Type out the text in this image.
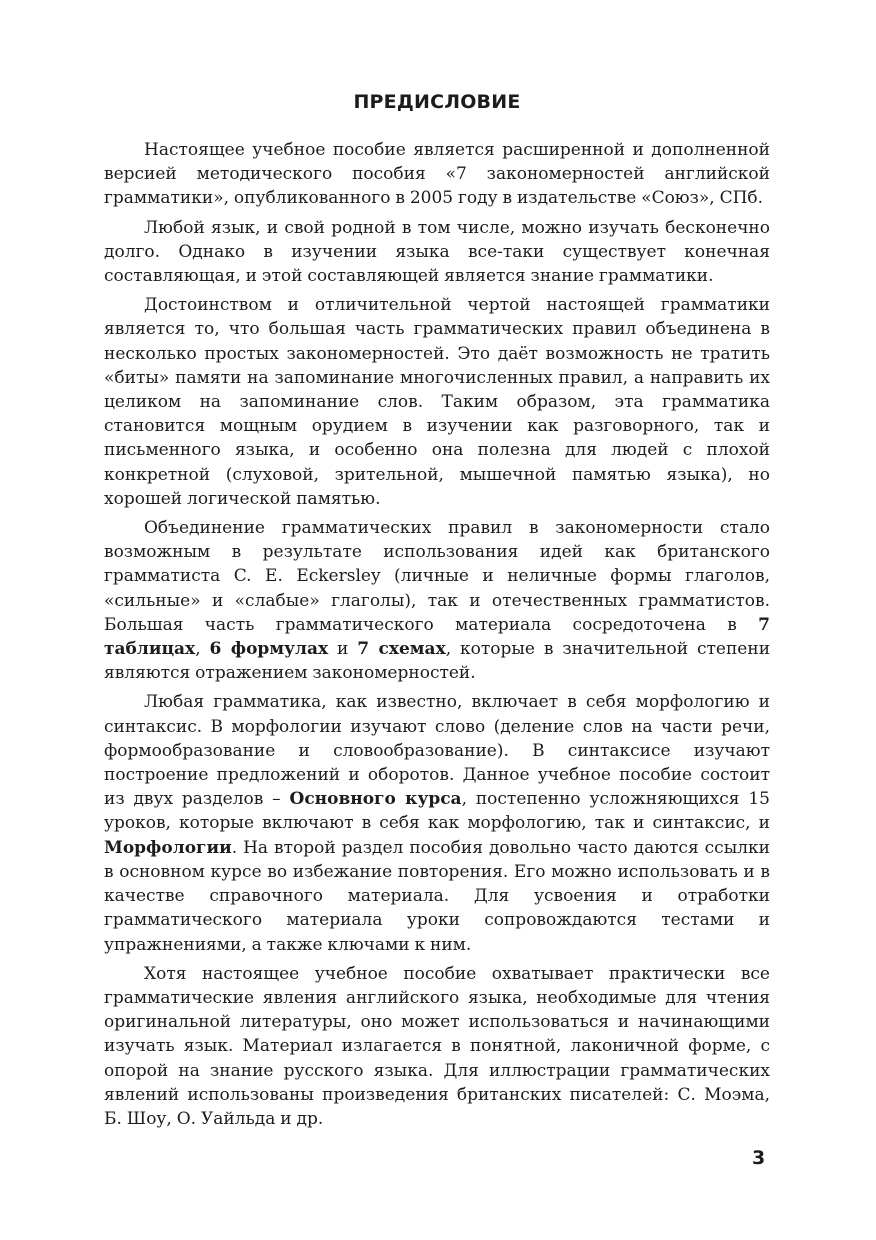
ПРЕДИСЛОВИЕ

Настоящее учебное пособие является расширенной и дополненной версией методического пособия «7 закономерностей английской грамматики», опубликованного в 2005 году в издательстве «Союз», СПб.

Любой язык, и свой родной в том числе, можно изучать бесконечно долго. Однако в изучении языка все-таки существует конечная составляющая, и этой составляющей является знание грамматики.

Достоинством и отличительной чертой настоящей грамматики является то, что большая часть грамматических правил объединена в несколько простых закономерностей. Это даёт возможность не тратить «биты» памяти на запоминание многочисленных правил, а направить их целиком на запоминание слов. Таким образом, эта грамматика становится мощным орудием в изучении как разговорного, так и письменного языка, и особенно она полезна для людей с плохой конкретной (слуховой, зрительной, мышечной памятью языка), но хорошей логической памятью.

Объединение грамматических правил в закономерности стало возможным в результате использования идей как британского грамматиста C. E. Eckersley (личные и неличные формы глаголов, «сильные» и «слабые» глаголы), так и отечественных грамматистов. Большая часть грамматического материала сосредоточена в 7 таблицах, 6 формулах и 7 схемах, которые в значительной степени являются отражением закономерностей.

Любая грамматика, как известно, включает в себя морфологию и синтаксис. В морфологии изучают слово (деление слов на части речи, формообразование и словообразование). В синтаксисе изучают построение предложений и оборотов. Данное учебное пособие состоит из двух разделов – Основного курса, постепенно усложняющихся 15 уроков, которые включают в себя как морфологию, так и синтаксис, и Морфологии. На второй раздел пособия довольно часто даются ссылки в основном курсе во избежание повторения. Его можно использовать и в качестве справочного материала. Для усвоения и отработки грамматического материала уроки сопровождаются тестами и упражнениями, а также ключами к ним.

Хотя настоящее учебное пособие охватывает практически все грамматические явления английского языка, необходимые для чтения оригинальной литературы, оно может использоваться и начинающими изучать язык. Материал излагается в понятной, лаконичной форме, с опорой на знание русского языка. Для иллюстрации грамматических явлений использованы произведения британских писателей: С. Моэма, Б. Шоу, О. Уайльда и др.

3
